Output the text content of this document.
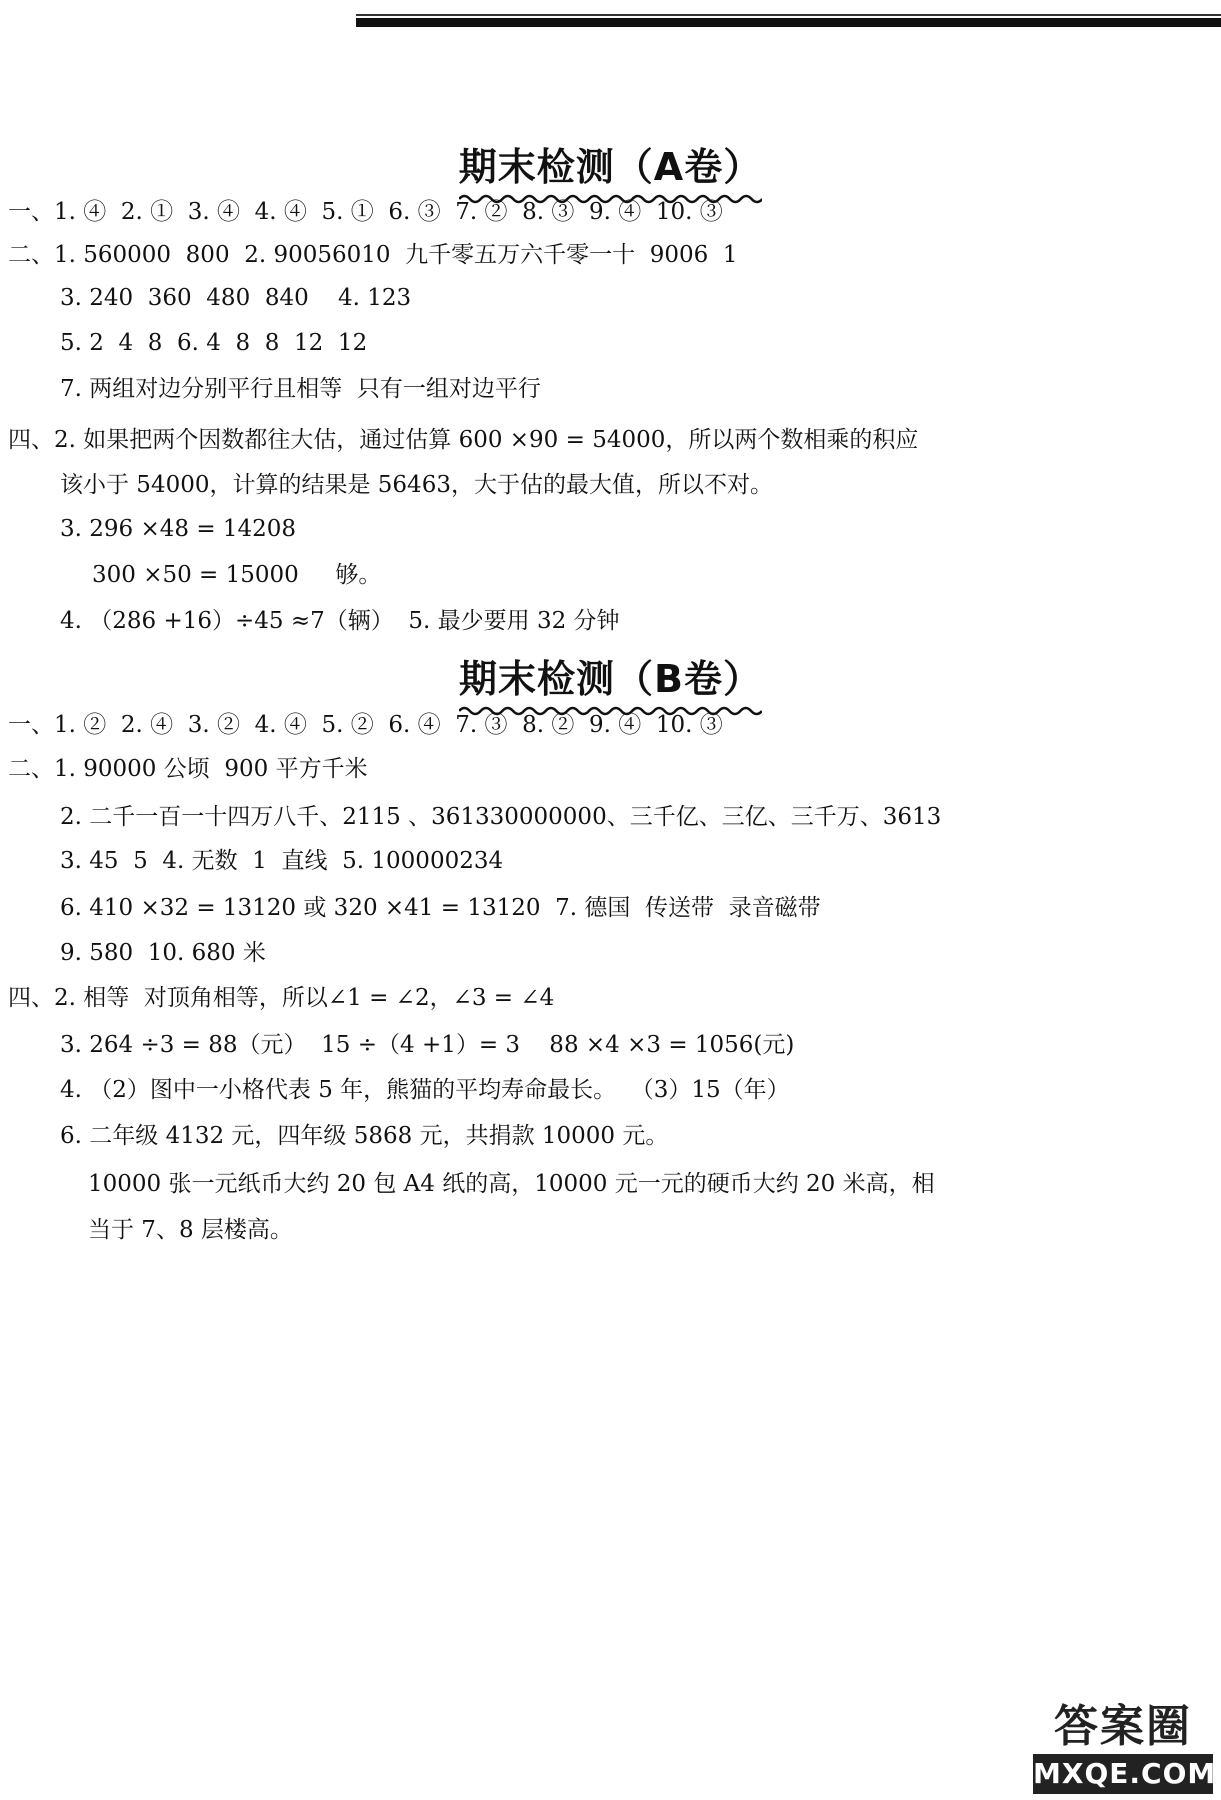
期末检测（A卷）
一、1. ④  2. ①  3. ④  4. ④  5. ①  6. ③  7. ②  8. ③  9. ④  10. ③
二、1. 560000  800  2. 90056010  九千零五万六千零一十  9006  1
3. 240  360  480  840    4. 123
5. 2  4  8  6. 4  8  8  12  12
7. 两组对边分别平行且相等  只有一组对边平行
四、2. 如果把两个因数都往大估，通过估算 600 ×90 = 54000，所以两个数相乘的积应
该小于 54000，计算的结果是 56463，大于估的最大值，所以不对。
3. 296 ×48 = 14208
300 ×50 = 15000     够。
4. （286 +16）÷45 ≈7（辆）  5. 最少要用 32 分钟
期末检测（B卷）
一、1. ②  2. ④  3. ②  4. ④  5. ②  6. ④  7. ③  8. ②  9. ④  10. ③
二、1. 90000 公顷  900 平方千米
2. 二千一百一十四万八千、2115 、361330000000、三千亿、三亿、三千万、3613
3. 45  5  4. 无数  1  直线  5. 100000234
6. 410 ×32 = 13120 或 320 ×41 = 13120  7. 德国  传送带  录音磁带
9. 580  10. 680 米
四、2. 相等  对顶角相等，所以∠1 = ∠2，∠3 = ∠4
3. 264 ÷3 = 88（元）  15 ÷（4 +1）= 3    88 ×4 ×3 = 1056(元)
4. （2）图中一小格代表 5 年，熊猫的平均寿命最长。  （3）15（年）
6. 二年级 4132 元，四年级 5868 元，共捐款 10000 元。
10000 张一元纸币大约 20 包 A4 纸的高，10000 元一元的硬币大约 20 米高，相
当于 7、8 层楼高。
答案圈
MXQE.COM
